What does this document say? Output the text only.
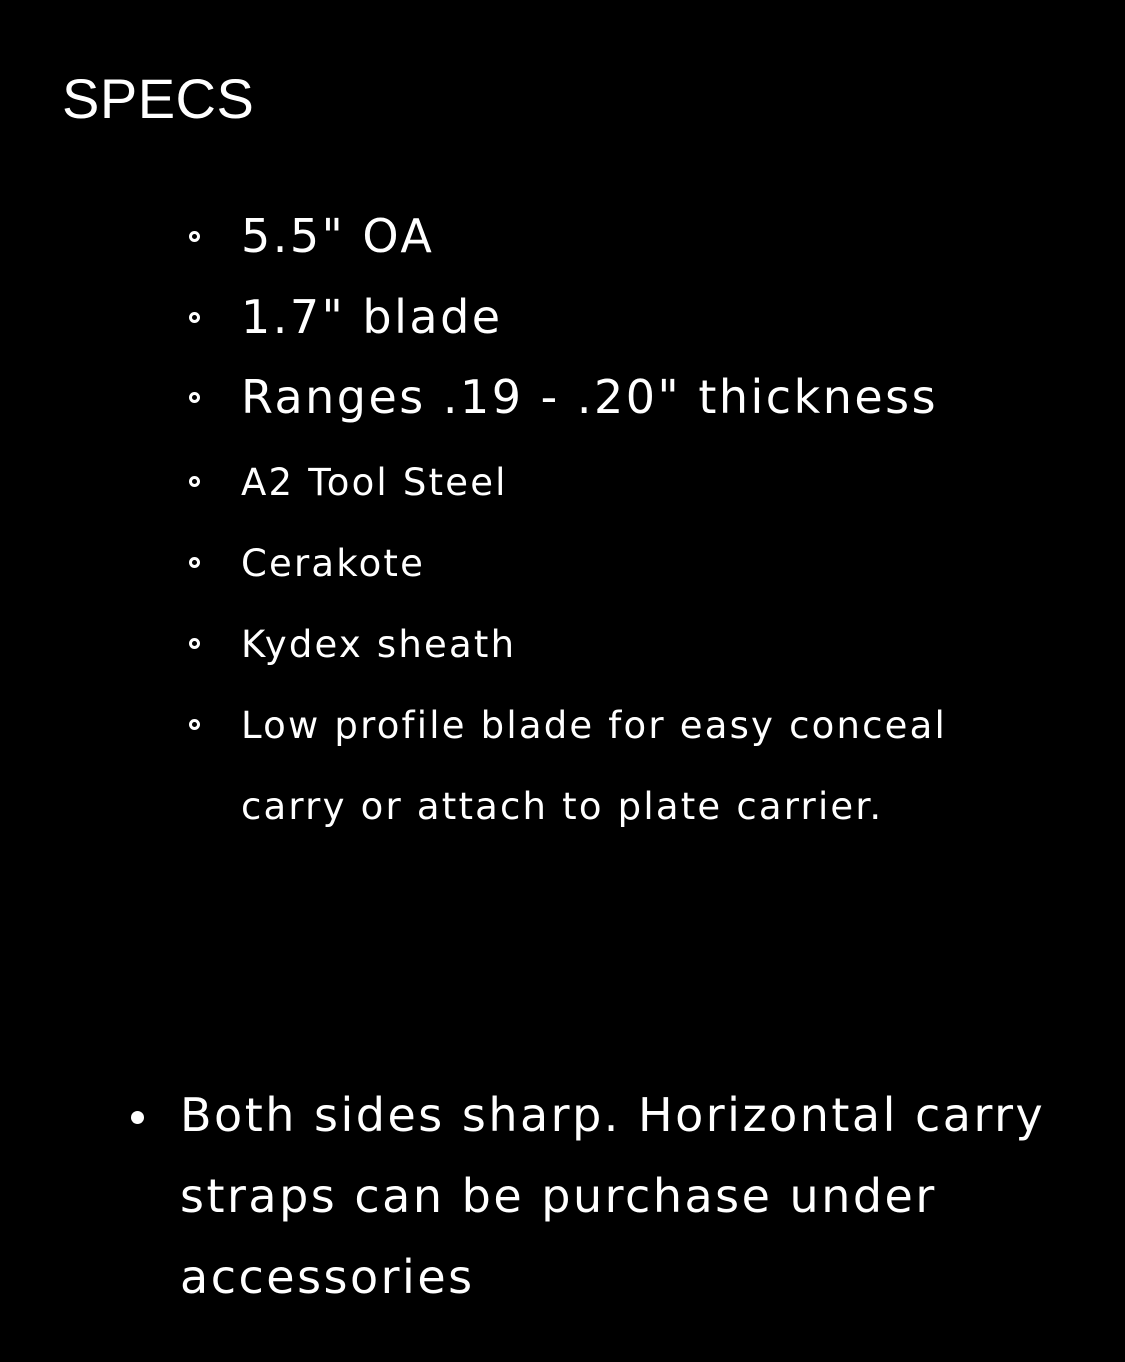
SPECS
5.5" OA
1.7" blade
Ranges .19 - .20" thickness
A2 Tool Steel
Cerakote
Kydex sheath
Low profile blade for easy conceal
carry or attach to plate carrier.

Both sides sharp. Horizontal carry
straps can be purchase under
accessories
